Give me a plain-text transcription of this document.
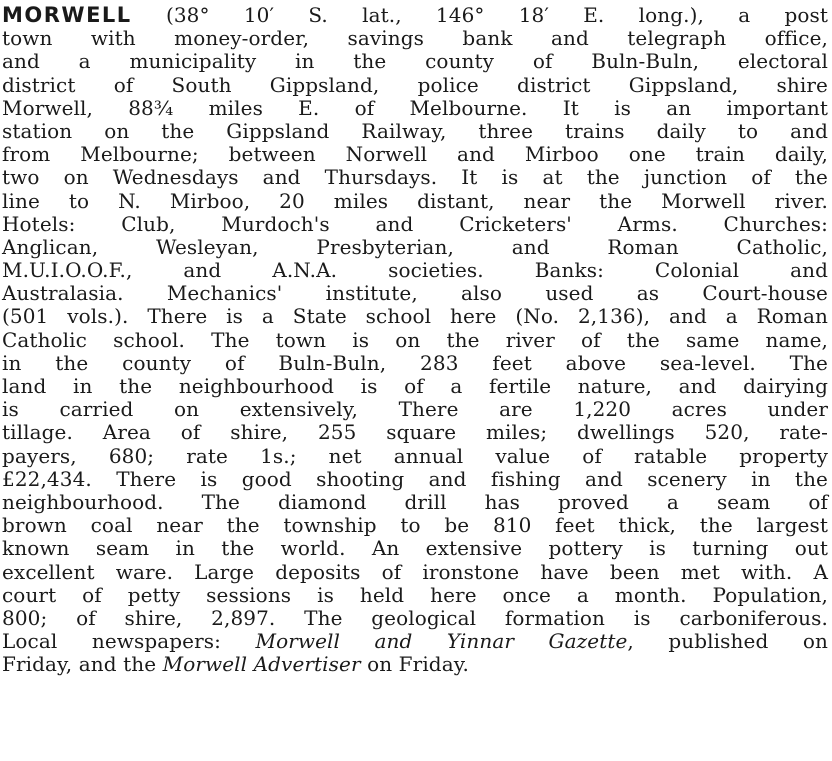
MORWELL (38° 10′ S. lat., 146° 18′ E. long.), a post
town with money-order, savings bank and telegraph office,
and a municipality in the county of Buln-Buln, electoral
district of South Gippsland, police district Gippsland, shire
Morwell, 88¾ miles E. of Melbourne. It is an important
station on the Gippsland Railway, three trains daily to and
from Melbourne; between Norwell and Mirboo one train daily,
two on Wednesdays and Thursdays. It is at the junction of the
line to N. Mirboo, 20 miles distant, near the Morwell river.
Hotels: Club, Murdoch's and Cricketers' Arms. Churches:
Anglican, Wesleyan, Presbyterian, and Roman Catholic,
M.U.I.O.O.F., and A.N.A. societies. Banks: Colonial and
Australasia. Mechanics' institute, also used as Court-house
(501 vols.). There is a State school here (No. 2,136), and a Roman
Catholic school. The town is on the river of the same name,
in the county of Buln-Buln, 283 feet above sea-level. The
land in the neighbourhood is of a fertile nature, and dairying
is carried on extensively, There are 1,220 acres under
tillage. Area of shire, 255 square miles; dwellings 520, rate-
payers, 680; rate 1s.; net annual value of ratable property
£22,434. There is good shooting and fishing and scenery in the
neighbourhood. The diamond drill has proved a seam of
brown coal near the township to be 810 feet thick, the largest
known seam in the world. An extensive pottery is turning out
excellent ware. Large deposits of ironstone have been met with. A
court of petty sessions is held here once a month. Population,
800; of shire, 2,897. The geological formation is carboniferous.
Local newspapers: Morwell and Yinnar Gazette, published on
Friday, and the Morwell Advertiser on Friday.
